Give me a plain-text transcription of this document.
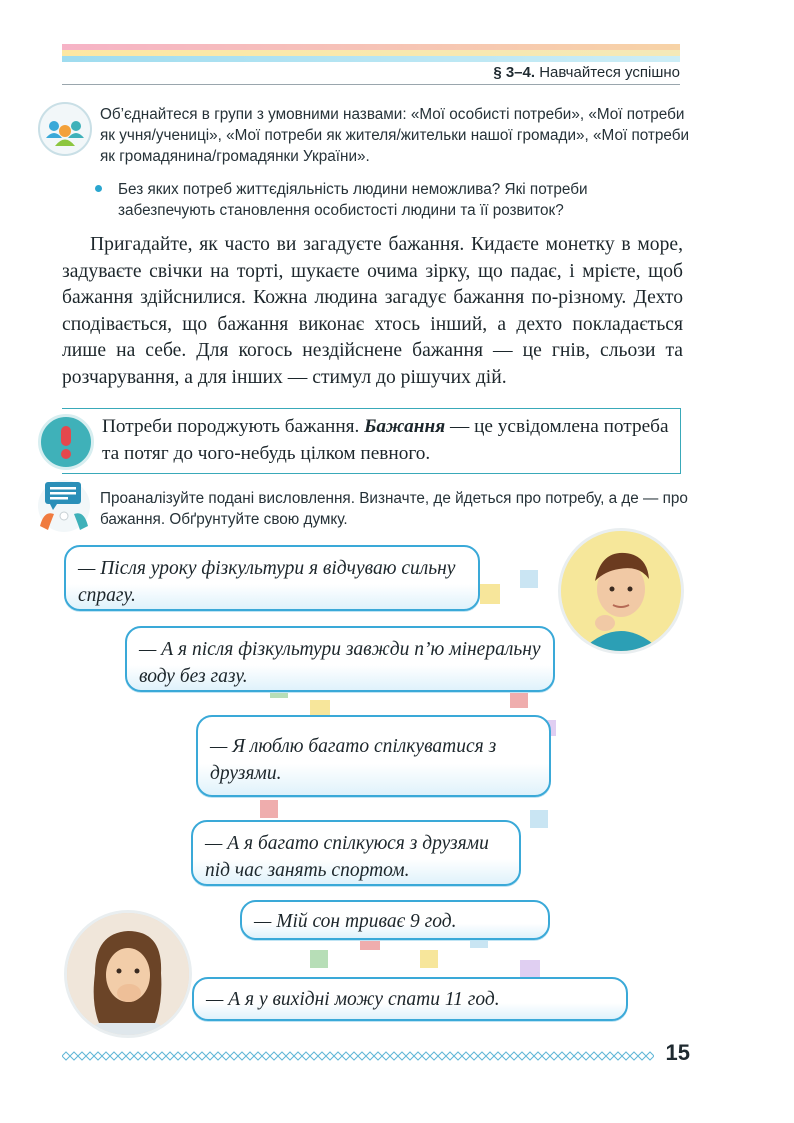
§ 3–4. Навчайтеся успішно
Об’єднайтеся в групи з умовними назвами: «Мої особисті потреби», «Мої потреби як учня/учениці», «Мої потреби як жителя/жительки нашої громади», «Мої потреби як громадянина/громадянки України».
Без яких потреб життєдіяльність людини неможлива? Які потреби забезпечують становлення особистості людини та її розвиток?
Пригадайте, як часто ви загадуєте бажання. Кидаєте монетку в море, задуваєте свічки на торті, шукаєте очима зірку, що падає, і мрієте, щоб бажання здійснилися. Кожна людина загадує бажання по-різному. Дехто сподівається, що бажання виконає хтось інший, а дехто покладається лише на себе. Для когось нездійснене бажання — це гнів, сльози та розчарування, а для інших — стимул до рішучих дій.
Потреби породжують бажання. Бажання — це усвідомлена потреба та потяг до чого-небудь цілком певного.
Проаналізуйте подані висловлення. Визначте, де йдеться про потребу, а де — про бажання. Обґрунтуйте свою думку.
— Після уроку фізкультури я відчуваю сильну спрагу.
— А я після фізкультури завжди п’ю мінеральну воду без газу.
— Я люблю багато спілкуватися з друзями.
— А я багато спілкуюся з друзями під час занять спортом.
— Мій сон триває 9 год.
— А я у вихідні можу спати 11 год.
15
